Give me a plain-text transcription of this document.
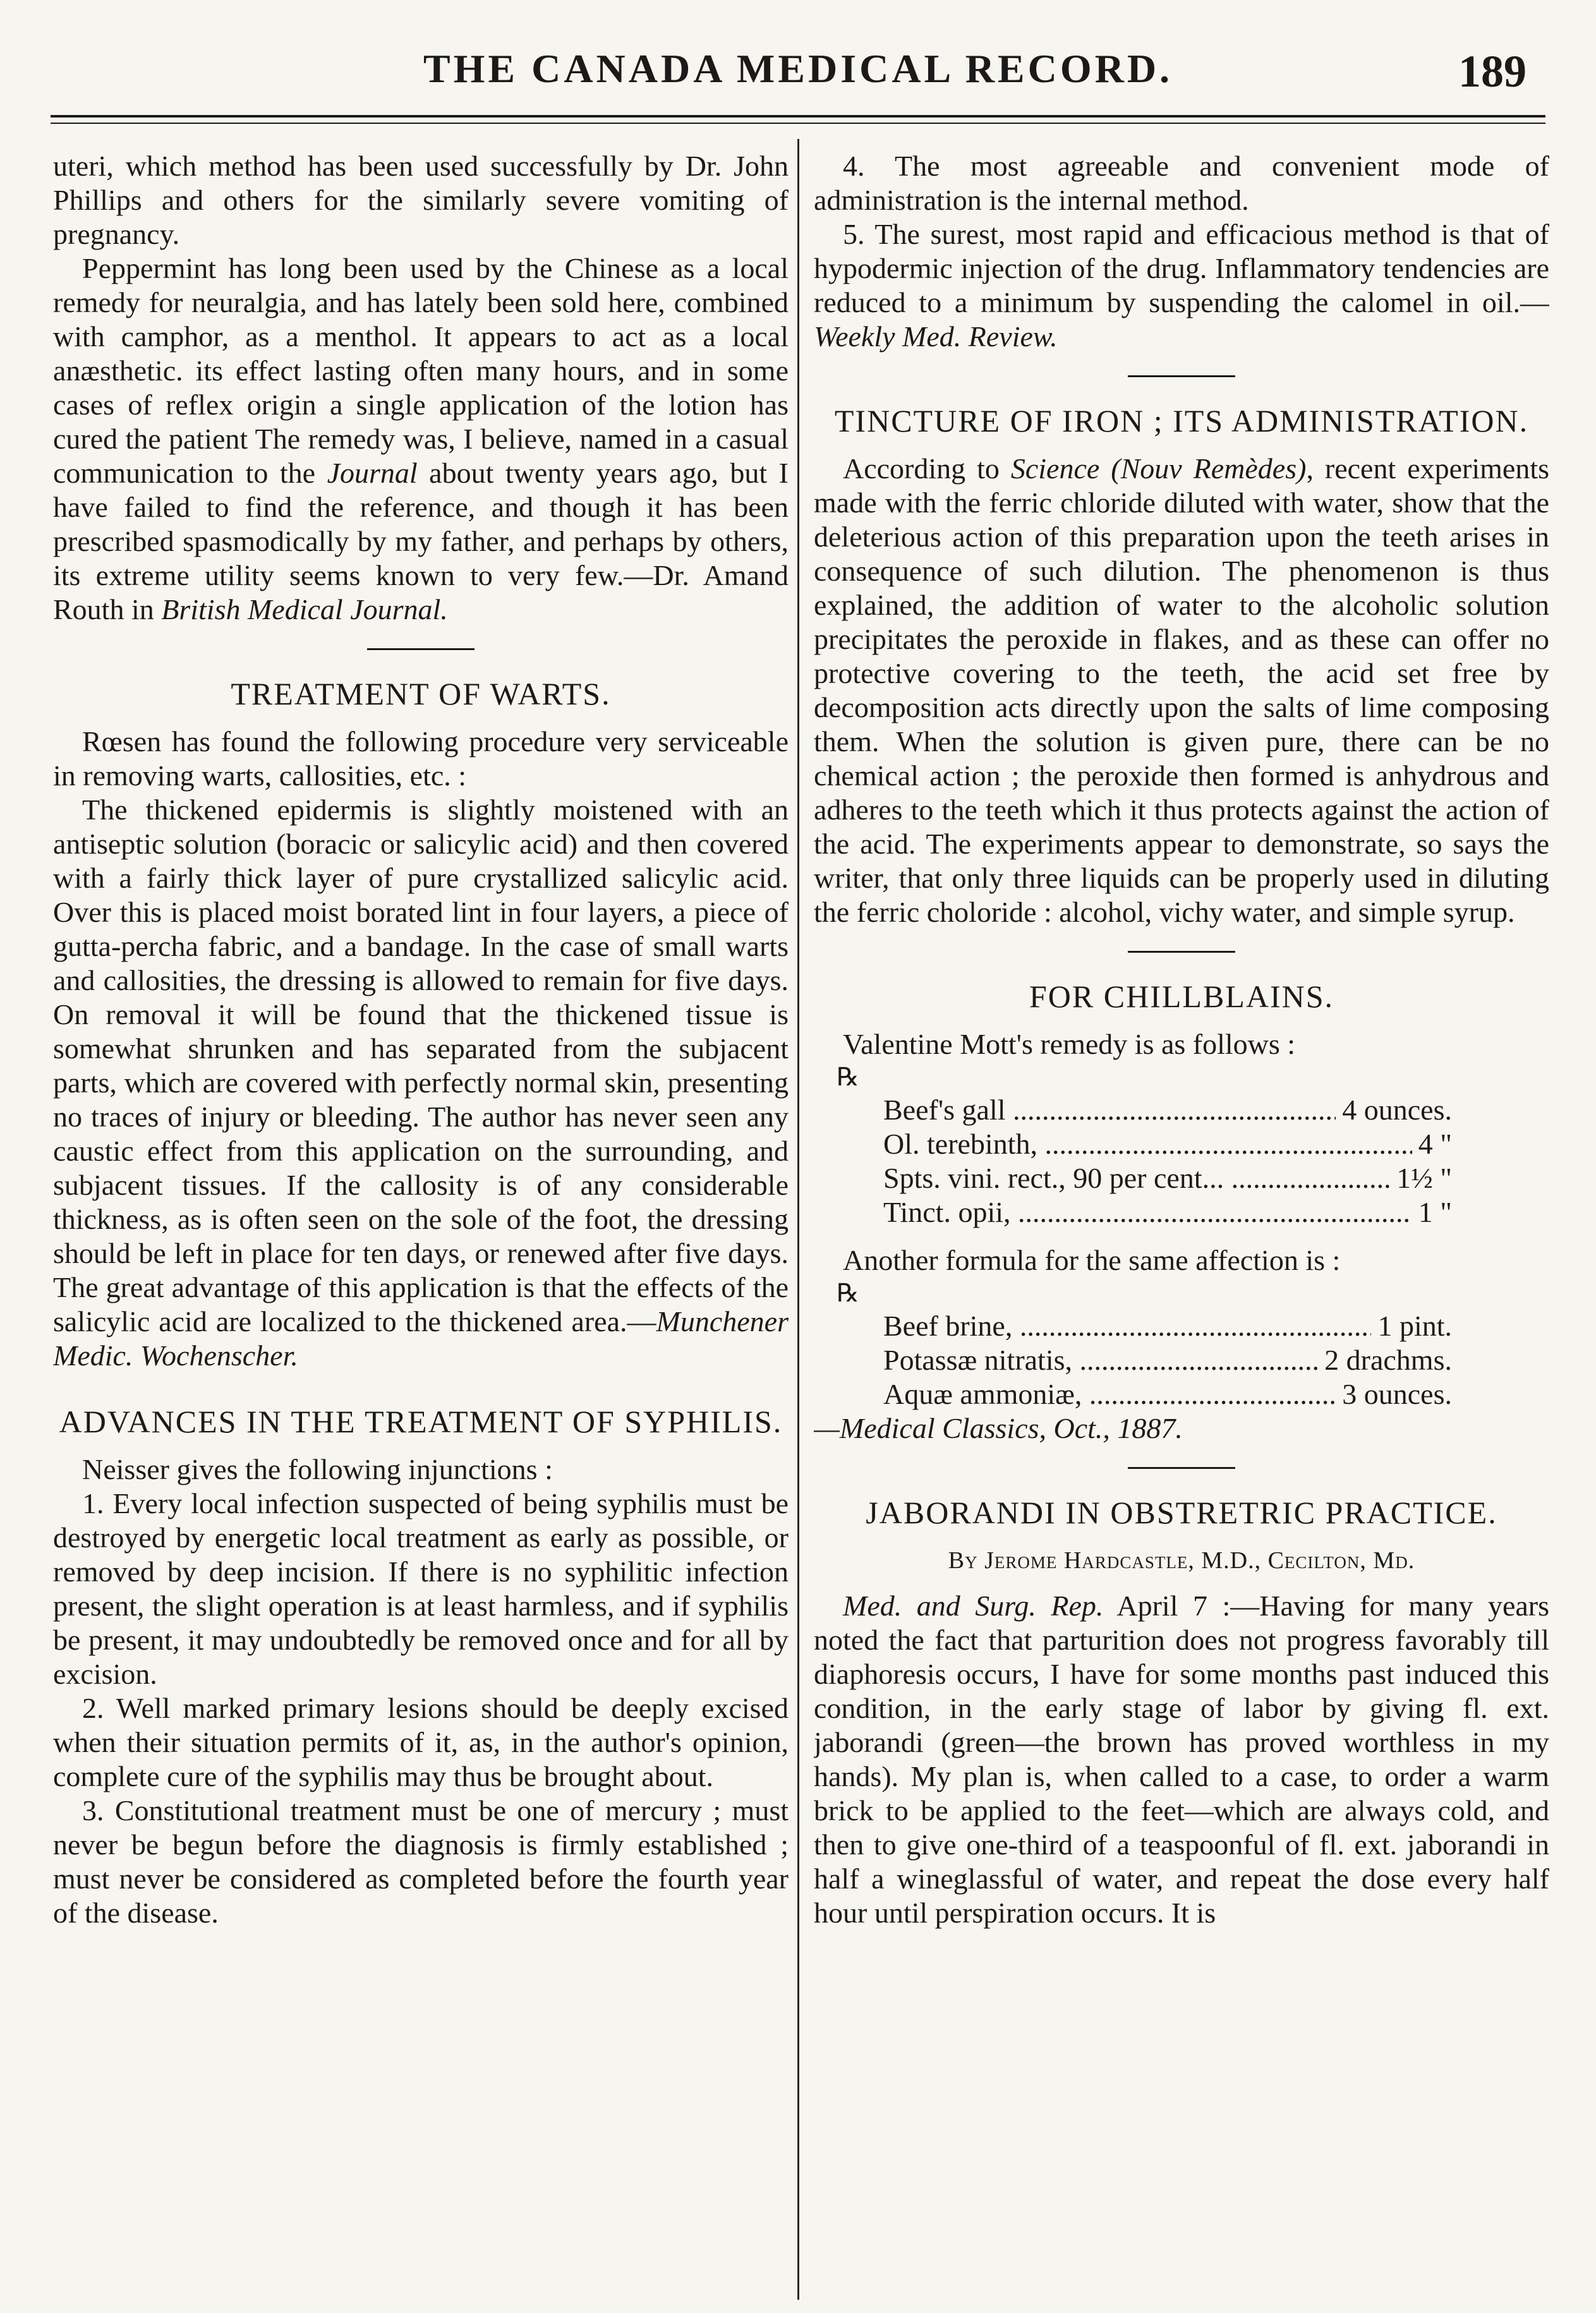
THE CANADA MEDICAL RECORD.	189

uteri, which method has been used successfully by Dr. John Phillips and others for the similarly severe vomiting of pregnancy.

Peppermint has long been used by the Chinese as a local remedy for neuralgia, and has lately been sold here, combined with camphor, as a menthol. It appears to act as a local anæsthetic. its effect lasting often many hours, and in some cases of reflex origin a single application of the lotion has cured the patient The remedy was, I believe, named in a casual communication to the Journal about twenty years ago, but I have failed to find the reference, and though it has been prescribed spasmodically by my father, and perhaps by others, its extreme utility seems known to very few.—Dr. Amand Routh in British Medical Journal.

TREATMENT OF WARTS.

Rœsen has found the following procedure very serviceable in removing warts, callosities, etc. :

The thickened epidermis is slightly moistened with an antiseptic solution (boracic or salicylic acid) and then covered with a fairly thick layer of pure crystallized salicylic acid. Over this is placed moist borated lint in four layers, a piece of gutta-percha fabric, and a bandage. In the case of small warts and callosities, the dressing is allowed to remain for five days. On removal it will be found that the thickened tissue is somewhat shrunken and has separated from the subjacent parts, which are covered with perfectly normal skin, presenting no traces of injury or bleeding. The author has never seen any caustic effect from this application on the surrounding, and subjacent tissues. If the callosity is of any considerable thickness, as is often seen on the sole of the foot, the dressing should be left in place for ten days, or renewed after five days. The great advantage of this application is that the effects of the salicylic acid are localized to the thickened area.—Munchener Medic. Wochenscher.

ADVANCES IN THE TREATMENT OF SYPHILIS.

Neisser gives the following injunctions :

1. Every local infection suspected of being syphilis must be destroyed by energetic local treatment as early as possible, or removed by deep incision. If there is no syphilitic infection present, the slight operation is at least harmless, and if syphilis be present, it may undoubtedly be removed once and for all by excision.

2. Well marked primary lesions should be deeply excised when their situation permits of it, as, in the author's opinion, complete cure of the syphilis may thus be brought about.

3. Constitutional treatment must be one of mercury ; must never be begun before the diagnosis is firmly established ; must never be considered as completed before the fourth year of the disease.

4. The most agreeable and convenient mode of administration is the internal method.

5. The surest, most rapid and efficacious method is that of hypodermic injection of the drug. Inflammatory tendencies are reduced to a minimum by suspending the calomel in oil.—Weekly Med. Review.

TINCTURE OF IRON ; ITS ADMINISTRATION.

According to Science (Nouv Remèdes), recent experiments made with the ferric chloride diluted with water, show that the deleterious action of this preparation upon the teeth arises in consequence of such dilution. The phenomenon is thus explained, the addition of water to the alcoholic solution precipitates the peroxide in flakes, and as these can offer no protective covering to the teeth, the acid set free by decomposition acts directly upon the salts of lime composing them. When the solution is given pure, there can be no chemical action ; the peroxide then formed is anhydrous and adheres to the teeth which it thus protects against the action of the acid. The experiments appear to demonstrate, so says the writer, that only three liquids can be properly used in diluting the ferric choloride : alcohol, vichy water, and simple syrup.

FOR CHILLBLAINS.

Valentine Mott's remedy is as follows :

℞
Beef's gall .....	4 ounces.
Ol. terebinth, .....	4 "
Spts. vini. rect., 90 per cent... .....	1½ "
Tinct. opii, .....	1 "

Another formula for the same affection is :

℞
Beef brine, .....	1 pint.
Potassæ nitratis, .....	2 drachms.
Aquæ ammoniæ, .....	3 ounces.

—Medical Classics, Oct., 1887.

JABORANDI IN OBSTRETRIC PRACTICE.
By Jerome Hardcastle, M.D., Cecilton, Md.

Med. and Surg. Rep. April 7 :—Having for many years noted the fact that parturition does not progress favorably till diaphoresis occurs, I have for some months past induced this condition, in the early stage of labor by giving fl. ext. jaborandi (green—the brown has proved worthless in my hands). My plan is, when called to a case, to order a warm brick to be applied to the feet—which are always cold, and then to give one-third of a teaspoonful of fl. ext. jaborandi in half a wineglassful of water, and repeat the dose every half hour until perspiration occurs. It is
